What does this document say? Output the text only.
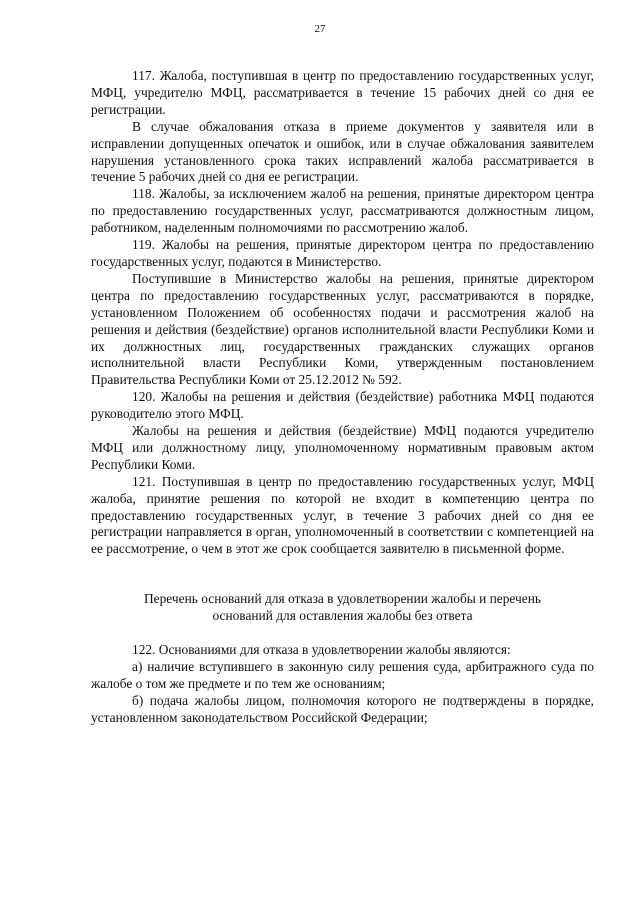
27

117. Жалоба, поступившая в центр по предоставлению государственных услуг, МФЦ, учредителю МФЦ, рассматривается в течение 15 рабочих дней со дня ее регистрации.

В случае обжалования отказа в приеме документов у заявителя или в исправлении допущенных опечаток и ошибок, или в случае обжалования заявителем нарушения установленного срока таких исправлений жалоба рассматривается в течение 5 рабочих дней со дня ее регистрации.

118. Жалобы, за исключением жалоб на решения, принятые директором центра по предоставлению государственных услуг, рассматриваются должностным лицом, работником, наделенным полномочиями по рассмотрению жалоб.

119. Жалобы на решения, принятые директором центра по предоставлению государственных услуг, подаются в Министерство.

Поступившие в Министерство жалобы на решения, принятые директором центра по предоставлению государственных услуг, рассматриваются в порядке, установленном Положением об особенностях подачи и рассмотрения жалоб на решения и действия (бездействие) органов исполнительной власти Республики Коми и их должностных лиц, государственных гражданских служащих органов исполнительной власти Республики Коми, утвержденным постановлением Правительства Республики Коми от 25.12.2012 № 592.

120. Жалобы на решения и действия (бездействие) работника МФЦ подаются руководителю этого МФЦ.

Жалобы на решения и действия (бездействие) МФЦ подаются учредителю МФЦ или должностному лицу, уполномоченному нормативным правовым актом Республики Коми.

121. Поступившая в центр по предоставлению государственных услуг, МФЦ жалоба, принятие решения по которой не входит в компетенцию центра по предоставлению государственных услуг, в течение 3 рабочих дней со дня ее регистрации направляется в орган, уполномоченный в соответствии с компетенцией на ее рассмотрение, о чем в этот же срок сообщается заявителю в письменной форме.

Перечень оснований для отказа в удовлетворении жалобы и перечень

оснований для оставления жалобы без ответа

122. Основаниями для отказа в удовлетворении жалобы являются:

а) наличие вступившего в законную силу решения суда, арбитражного суда по жалобе о том же предмете и по тем же основаниям;

б) подача жалобы лицом, полномочия которого не подтверждены в порядке, установленном законодательством Российской Федерации;
